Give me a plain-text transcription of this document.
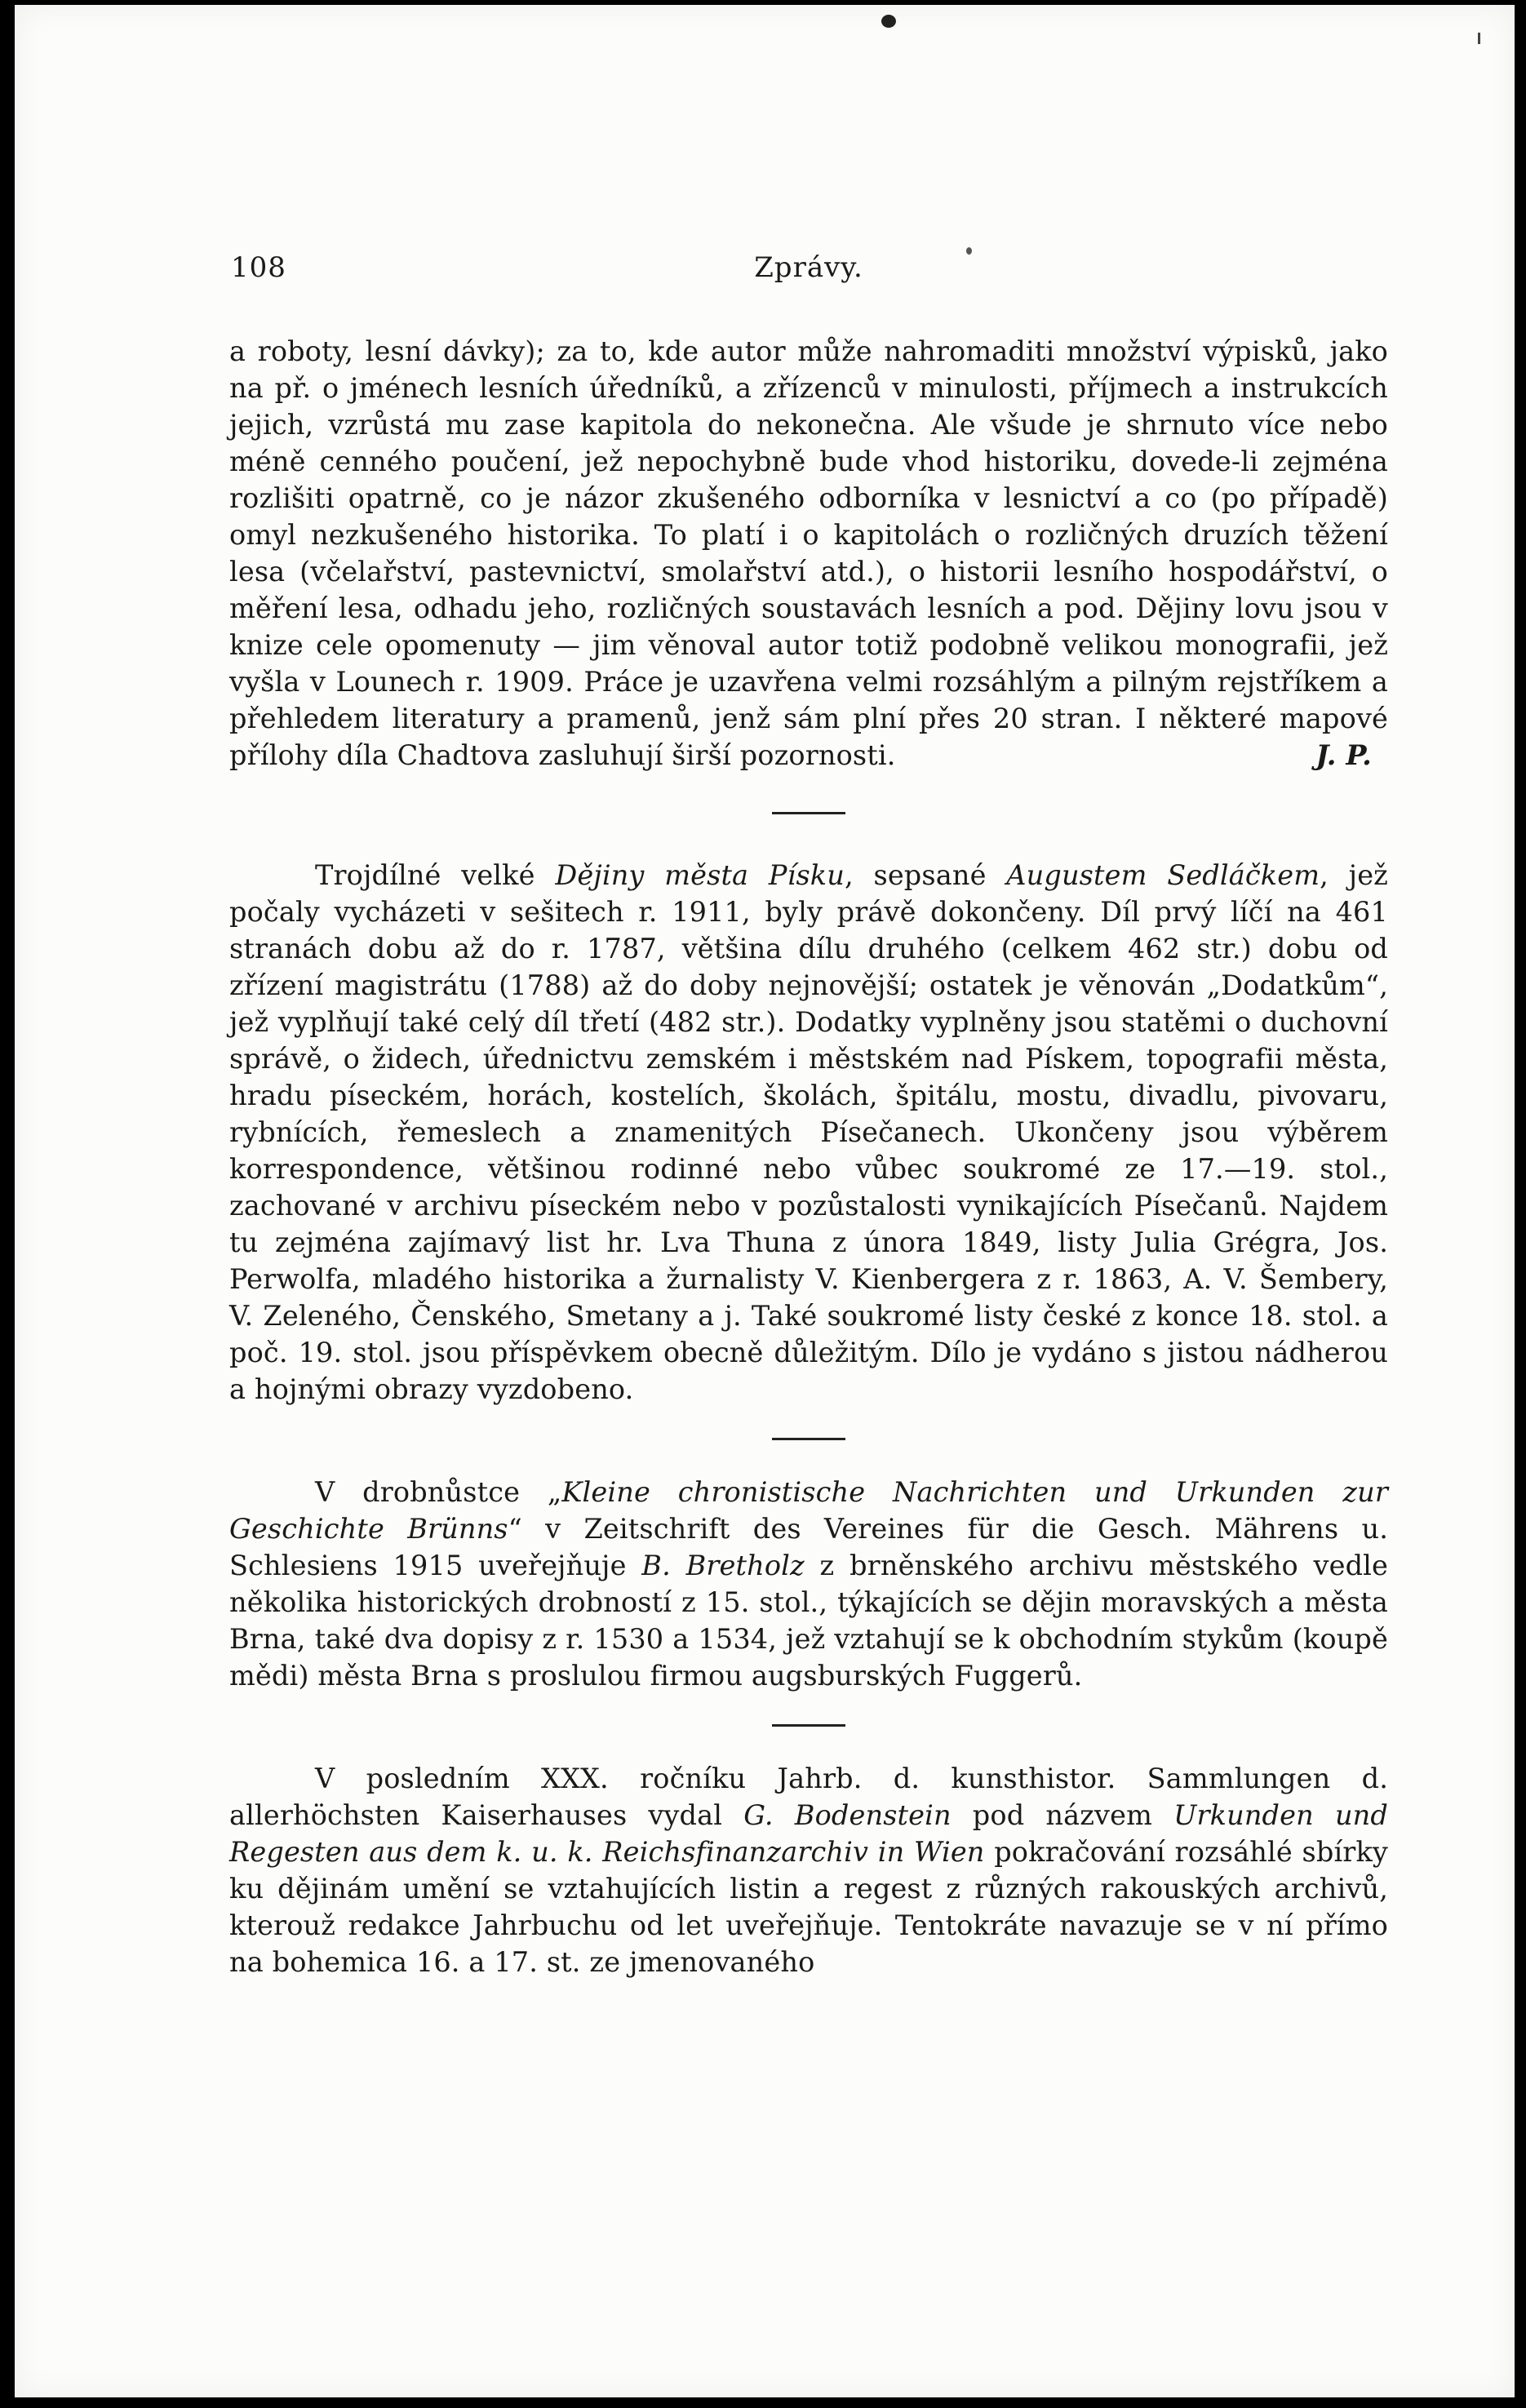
108	Zprávy.

a roboty, lesní dávky); za to, kde autor může nahromaditi množství výpisků, jako na př. o jménech lesních úředníků, a zřízenců v minulosti, příjmech a instrukcích jejich, vzrůstá mu zase kapitola do nekonečna. Ale všude je shrnuto více nebo méně cenného poučení, jež nepochybně bude vhod historiku, dovede-li zejména rozlišiti opatrně, co je názor zkušeného odborníka v lesnictví a co (po případě) omyl nezkušeného historika. To platí i o kapitolách o rozličných druzích těžení lesa (včelařství, pastevnictví, smolařství atd.), o historii lesního hospodářství, o měření lesa, odhadu jeho, rozličných soustavách lesních a pod. Dějiny lovu jsou v knize cele opomenuty — jim věnoval autor totiž podobně velikou monografii, jež vyšla v Lounech r. 1909. Práce je uzavřena velmi rozsáhlým a pilným rejstříkem a přehledem literatury a pramenů, jenž sám plní přes 20 stran. I některé mapové přílohy díla Chadtova zasluhují širší pozornosti.	J. P.

Trojdílné velké Dějiny města Písku, sepsané Augustem Sedláčkem, jež počaly vycházeti v sešitech r. 1911, byly právě dokončeny. Díl prvý líčí na 461 stranách dobu až do r. 1787, většina dílu druhého (celkem 462 str.) dobu od zřízení magistrátu (1788) až do doby nejnovější; ostatek je věnován „Dodatkům“, jež vyplňují také celý díl třetí (482 str.). Dodatky vyplněny jsou statěmi o duchovní správě, o židech, úřednictvu zemském i městském nad Pískem, topografii města, hradu píseckém, horách, kostelích, školách, špitálu, mostu, divadlu, pivovaru, rybnících, řemeslech a znamenitých Písečanech. Ukončeny jsou výběrem korrespondence, většinou rodinné nebo vůbec soukromé ze 17.—19. stol., zachované v archivu píseckém nebo v pozůstalosti vynikajících Písečanů. Najdem tu zejména zajímavý list hr. Lva Thuna z února 1849, listy Julia Grégra, Jos. Perwolfa, mladého historika a žurnalisty V. Kienbergera z r. 1863, A. V. Šembery, V. Zeleného, Čenského, Smetany a j. Také soukromé listy české z konce 18. stol. a poč. 19. stol. jsou příspěvkem obecně důležitým. Dílo je vydáno s jistou nádherou a hojnými obrazy vyzdobeno.

V drobnůstce „Kleine chronistische Nachrichten und Urkunden zur Geschichte Brünns“ v Zeitschrift des Vereines für die Gesch. Mährens u. Schlesiens 1915 uveřejňuje B. Bretholz z brněnského archivu městského vedle několika historických drobností z 15. stol., týkajících se dějin moravských a města Brna, také dva dopisy z r. 1530 a 1534, jež vztahují se k obchodním stykům (koupě mědi) města Brna s proslulou firmou augsburských Fuggerů.

V posledním XXX. ročníku Jahrb. d. kunsthistor. Sammlungen d. allerhöchsten Kaiserhauses vydal G. Bodenstein pod názvem Urkunden und Regesten aus dem k. u. k. Reichsfinanzarchiv in Wien pokračování rozsáhlé sbírky ku dějinám umění se vztahujících listin a regest z různých rakouských archivů, kterouž redakce Jahrbuchu od let uveřejňuje. Tentokráte navazuje se v ní přímo na bohemica 16. a 17. st. ze jmenovaného
